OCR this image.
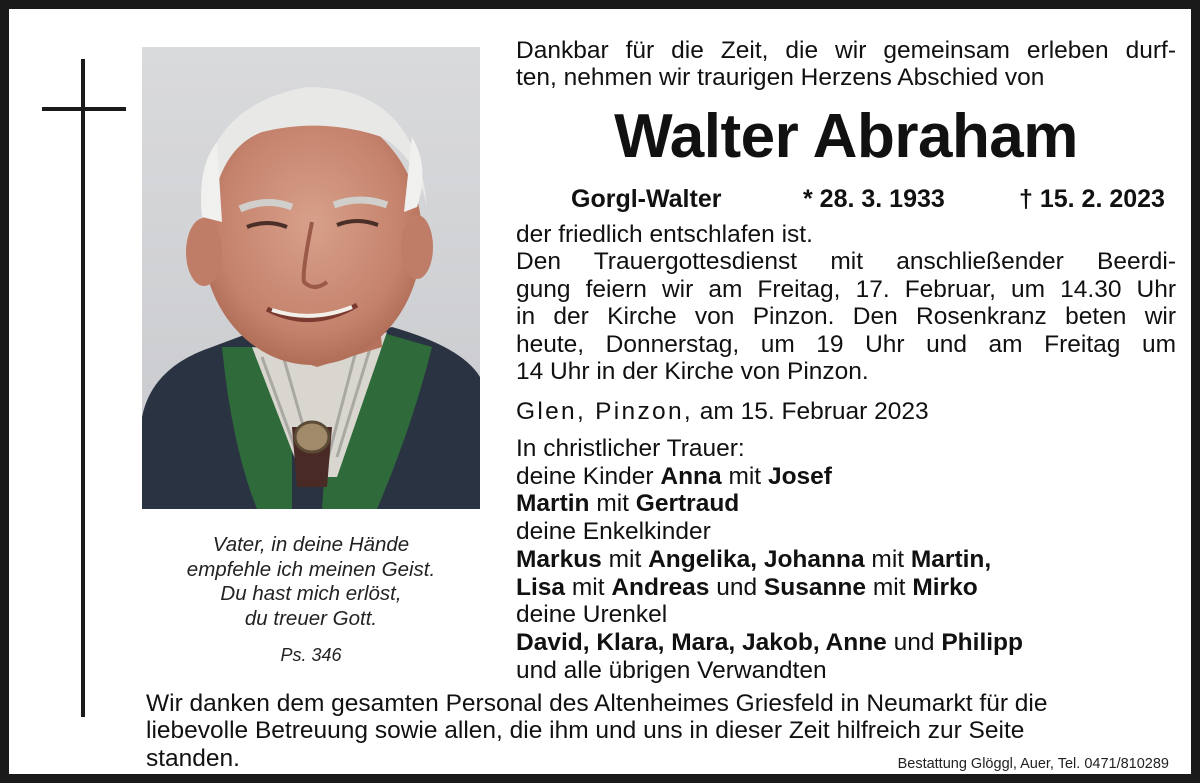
Vater, in deine Hände
empfehle ich meinen Geist.
Du hast mich erlöst,
du treuer Gott.
Ps. 346
Dankbar für die Zeit, die wir gemeinsam erleben durf-
ten, nehmen wir traurigen Herzens Abschied von
Walter Abraham
Gorgl-Walter	* 28. 3. 1933	† 15. 2. 2023
der friedlich entschlafen ist.
Den Trauergottesdienst mit anschließender Beerdi-
gung feiern wir am Freitag, 17. Februar, um 14.30 Uhr
in der Kirche von Pinzon. Den Rosenkranz beten wir
heute, Donnerstag, um 19 Uhr und am Freitag um
14 Uhr in der Kirche von Pinzon.
Glen, Pinzon, am 15. Februar 2023
In christlicher Trauer:
deine Kinder Anna mit Josef
Martin mit Gertraud
deine Enkelkinder
Markus mit Angelika, Johanna mit Martin,
Lisa mit Andreas und Susanne mit Mirko
deine Urenkel
David, Klara, Mara, Jakob, Anne und Philipp
und alle übrigen Verwandten
Wir danken dem gesamten Personal des Altenheimes Griesfeld in Neumarkt für die
liebevolle Betreuung sowie allen, die ihm und uns in dieser Zeit hilfreich zur Seite
standen.	Bestattung Glöggl, Auer, Tel. 0471/810289
